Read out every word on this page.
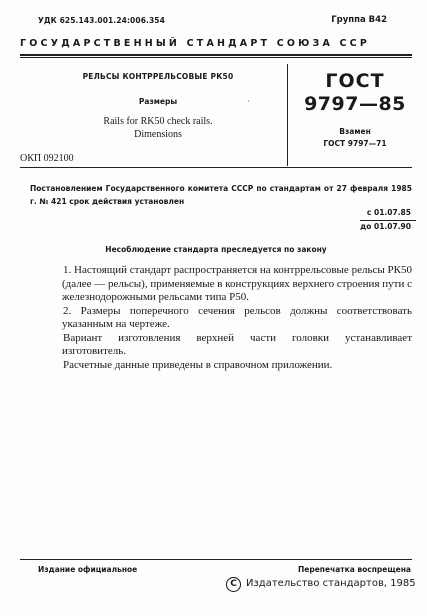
УДК 625.143.001.24:006.354	Группа В42
ГОСУДАРСТВЕННЫЙ СТАНДАРТ СОЮЗА ССР
РЕЛЬСЫ КОНТРРЕЛЬСОВЫЕ РК50
Размеры	·
Rails for RK50 check rails.
Dimensions
ГОСТ
9797—85
Взамен
ГОСТ 9797—71
ОКП 092100
Постановлением Государственного комитета СССР по стандартам от 27 февраля 1985 г. № 421 срок действия установлен
с 01.07.85
до 01.07.90
Несоблюдение стандарта преследуется по закону

1. Настоящий стандарт распространяется на контррельсовые рельсы РК50 (далее — рельсы), применяемые в конструкциях верхнего строения пути с железнодорожными рельсами типа Р50.

2. Размеры поперечного сечения рельсов должны соответствовать указанным на чертеже.

Вариант изготовления верхней части головки устанавливает изготовитель.

Расчетные данные приведены в справочном приложении.

Издание официальное	Перепечатка воспрещена
C Издательство стандартов, 1985
